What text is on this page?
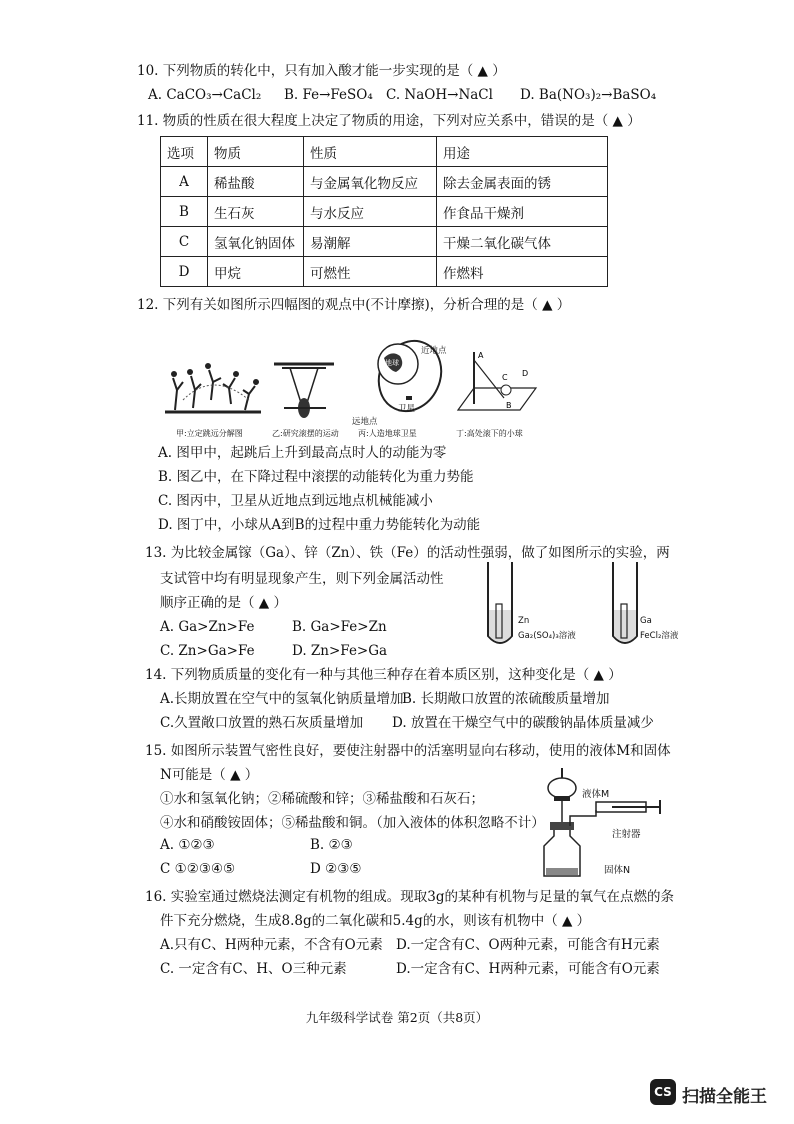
10. 下列物质的转化中，只有加入酸才能一步实现的是（ ▲ ）
A. CaCO₃→CaCl₂ B. Fe→FeSO₄ C. NaOH→NaCl D. Ba(NO₃)₂→BaSO₄
11. 物质的性质在很大程度上决定了物质的用途，下列对应关系中，错误的是（ ▲ ）
选项	物质	性质	用途
A	稀盐酸	与金属氧化物反应	除去金属表面的锈
B	生石灰	与水反应	作食品干燥剂
C	氢氧化钠固体	易潮解	干燥二氧化碳气体
D	甲烷	可燃性	作燃料
12. 下列有关如图所示四幅图的观点中(不计摩擦)，分析合理的是（ ▲ ）
甲:立定跳远分解图	乙:研究滚摆的运动
近地点
地球
远地点
卫星
丙:人造地球卫星
A
B
C D
丁:高处滚下的小球
A. 图甲中，起跳后上升到最高点时人的动能为零
B. 图乙中，在下降过程中滚摆的动能转化为重力势能
C. 图丙中，卫星从近地点到远地点机械能减小
D. 图丁中，小球从A到B的过程中重力势能转化为动能
13. 为比较金属镓（Ga）、锌（Zn）、铁（Fe）的活动性强弱，做了如图所示的实验，两
支试管中均有明显现象产生，则下列金属活动性
顺序正确的是（ ▲ ）
A. Ga>Zn>Fe	B. Ga>Fe>Zn
C. Zn>Ga>Fe	D. Zn>Fe>Ga
Zn
Ga₂(SO₄)₃溶液
Ga
FeCl₂溶液
14. 下列物质质量的变化有一种与其他三种存在着本质区别，这种变化是（ ▲ ）
A.长期放置在空气中的氢氧化钠质量增加
B. 长期敞口放置的浓硫酸质量增加
C.久置敞口放置的熟石灰质量增加 D. 放置在干燥空气中的碳酸钠晶体质量减少
15. 如图所示装置气密性良好，要使注射器中的活塞明显向右移动，使用的液体M和固体
N可能是（ ▲ ）
①水和氢氧化钠；②稀硫酸和锌；③稀盐酸和石灰石；
④水和硝酸铵固体；⑤稀盐酸和铜。（加入液体的体积忽略不计）
A. ①②③	B. ②③
C ①②③④⑤	D ②③⑤
液体M
注射器
固体N
16. 实验室通过燃烧法测定有机物的组成。现取3g的某种有机物与足量的氧气在点燃的条
件下充分燃烧，生成8.8g的二氧化碳和5.4g的水，则该有机物中（ ▲ ）
A.只有C、H两种元素，不含有O元素 D.一定含有C、O两种元素，可能含有H元素
C. 一定含有C、H、O三种元素	D.一定含有C、H两种元素，可能含有O元素
九年级科学试卷 第2页（共8页）
CS 扫描全能王
